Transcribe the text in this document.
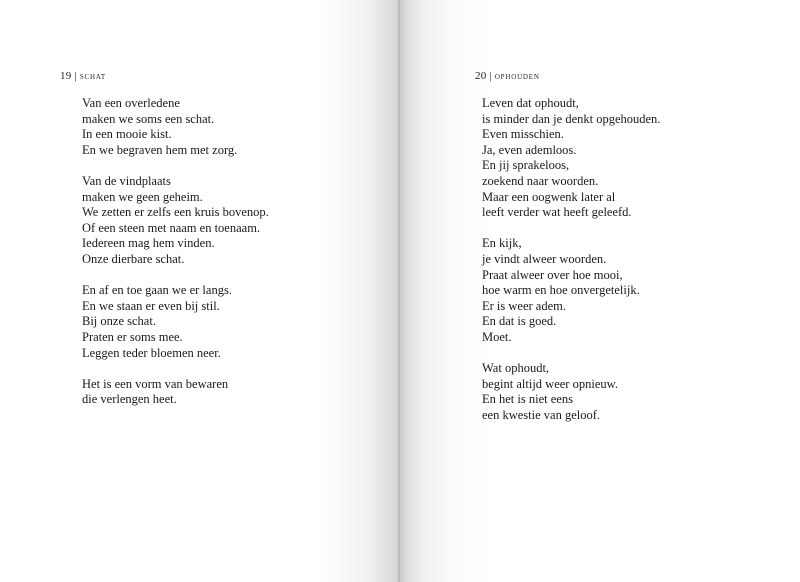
19 | schat
Van een overledene
maken we soms een schat.
In een mooie kist.
En we begraven hem met zorg.
Van de vindplaats
maken we geen geheim.
We zetten er zelfs een kruis bovenop.
Of een steen met naam en toenaam.
Iedereen mag hem vinden.
Onze dierbare schat.
En af en toe gaan we er langs.
En we staan er even bij stil.
Bij onze schat.
Praten er soms mee.
Leggen teder bloemen neer.
Het is een vorm van bewaren
die verlengen heet.
20 | ophouden
Leven dat ophoudt,
is minder dan je denkt opgehouden.
Even misschien.
Ja, even ademloos.
En jij sprakeloos,
zoekend naar woorden.
Maar een oogwenk later al
leeft verder wat heeft geleefd.
En kijk,
je vindt alweer woorden.
Praat alweer over hoe mooi,
hoe warm en hoe onvergetelijk.
Er is weer adem.
En dat is goed.
Moet.
Wat ophoudt,
begint altijd weer opnieuw.
En het is niet eens
een kwestie van geloof.
